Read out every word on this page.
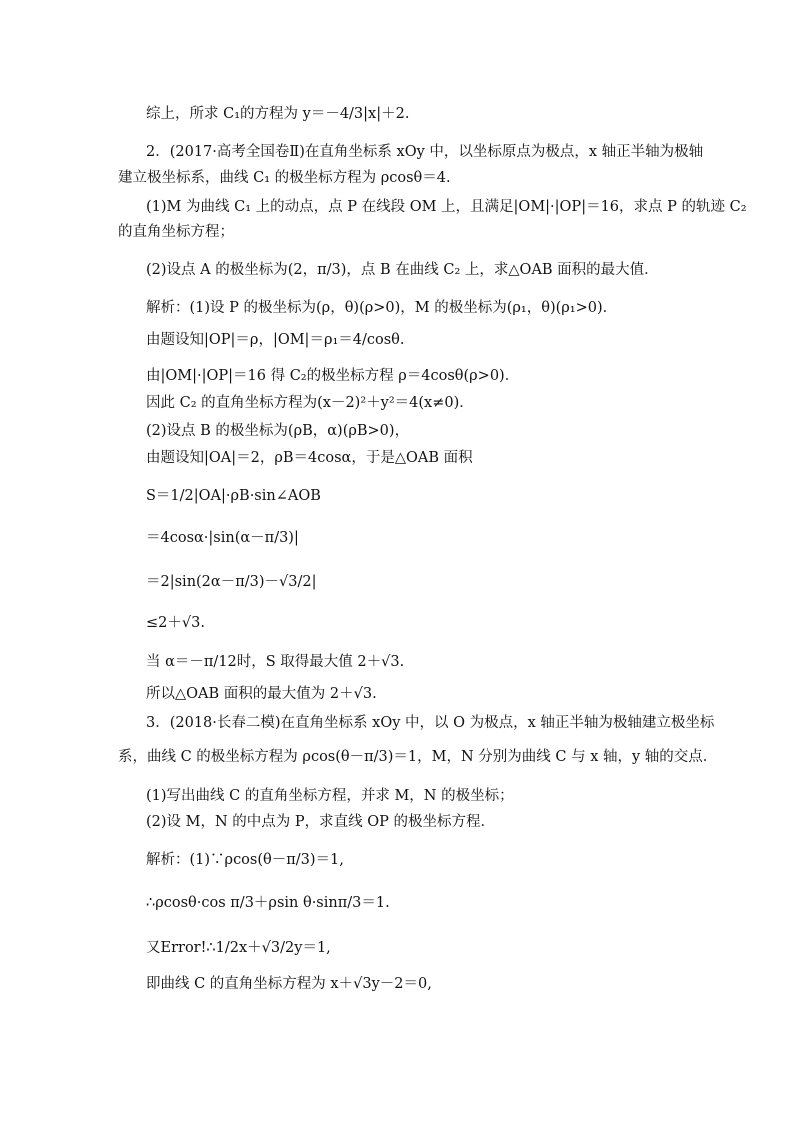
综上，所求 C₁的方程为 y＝－4/3|x|＋2.
2．(2017·高考全国卷Ⅱ)在直角坐标系 xOy 中，以坐标原点为极点，x 轴正半轴为极轴
建立极坐标系，曲线 C₁ 的极坐标方程为 ρcosθ＝4.
(1)M 为曲线 C₁ 上的动点，点 P 在线段 OM 上，且满足|OM|·|OP|＝16，求点 P 的轨迹 C₂
的直角坐标方程；
(2)设点 A 的极坐标为(2，π/3)，点 B 在曲线 C₂ 上，求△OAB 面积的最大值．
解析：(1)设 P 的极坐标为(ρ，θ)(ρ>0)，M 的极坐标为(ρ₁，θ)(ρ₁>0)．
由题设知|OP|＝ρ，|OM|＝ρ₁＝4/cosθ.
由|OM|·|OP|＝16 得 C₂的极坐标方程 ρ＝4cosθ(ρ>0)．
因此 C₂ 的直角坐标方程为(x－2)²＋y²＝4(x≠0)．
(2)设点 B 的极坐标为(ρB，α)(ρB>0)，
由题设知|OA|＝2，ρB＝4cosα，于是△OAB 面积
S＝1/2|OA|·ρB·sin∠AOB
＝4cosα·|sin(α－π/3)|
＝2|sin(2α－π/3)－√3/2|
≤2＋√3.
当 α＝－π/12时，S 取得最大值 2＋√3.
所以△OAB 面积的最大值为 2＋√3.
3．(2018·长春二模)在直角坐标系 xOy 中，以 O 为极点，x 轴正半轴为极轴建立极坐标
系，曲线 C 的极坐标方程为 ρcos(θ－π/3)＝1，M，N 分别为曲线 C 与 x 轴，y 轴的交点．
(1)写出曲线 C 的直角坐标方程，并求 M，N 的极坐标；
(2)设 M，N 的中点为 P，求直线 OP 的极坐标方程．
解析：(1)∵ρcos(θ－π/3)＝1,
∴ρcosθ·cos π/3＋ρsin θ·sinπ/3＝1.
又Error!∴1/2x＋√3/2y＝1,
即曲线 C 的直角坐标方程为 x＋√3y－2＝0,
